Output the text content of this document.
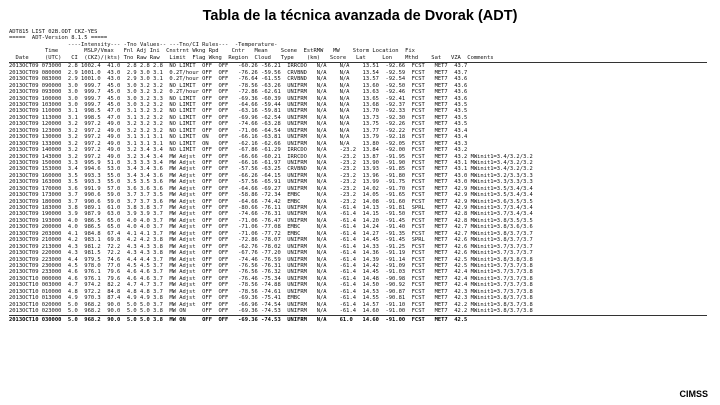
Tabla de la técnica avanzada de Dvorak (ADT)
ADT815 LIST 02B.ODT CKZ-YES
=====  ADT-Version 8.1.5 =====
----Intensity--- -Tno Values-- ---Tno/CI Rules---  -Temperature-
Time        MSLP/Vmax   Fnl Adj Ini  Cnstrnt Wkng Rpd    Cntr   Mean    Scene  EstRMW   MW    Storm Location  Fix
Date     (UTC)   CI  (CKZ)/(kts) Tno Raw Raw   Limit  Flag Wkng  Region  Cloud   Type    (km)   Score   Lat     Lon    Mthd    Sat   VZA  Comments
2013OCT09 073000  2.8 1002.4  41.0  2.8 2.8 2.8  NO LIMIT  OFF  OFF   -60.26 -56.21  IRRCDO   N/A    N/A    13.51  -92.66  FCST   MET7  43.7
2013OCT09 080000  2.9 1001.0  43.0  2.9 3.0 3.1  0.2T/hour OFF  OFF   -76.26 -59.56  CRVBND   N/A    N/A    13.54  -92.59  FCST   MET7  43.7
2013OCT09 083000  2.9 1001.0  43.0  2.9 3.0 3.1  0.2T/hour OFF  OFF   -76.64 -61.55  CRVBND   N/A    N/A    13.57  -92.54  FCST   MET7  43.6
2013OCT09 090000  3.0  999.7  45.0  3.0 3.2 3.2  NO LIMIT  OFF  OFF   -78.56 -63.26  UNIFRM   N/A    N/A    13.60  -92.50  FCST   MET7  43.6
2013OCT09 093000  3.0  999.7  45.0  3.0 3.2 3.2  0.2T/hour OFF  OFF   -72.86 -62.61  UNIFRM   N/A    N/A    13.63  -92.46  FCST   MET7  43.6
2013OCT09 100000  3.0  999.7  45.0  3.0 3.2 3.3  NO LIMIT  OFF  OFF   -69.36 -60.39  UNIFRM   N/A    N/A    13.65  -92.41  FCST   MET7  43.6
2013OCT09 103000  3.0  999.7  45.0  3.0 3.2 3.2  NO LIMIT  OFF  OFF   -64.66 -59.44  UNIFRM   N/A    N/A    13.68  -92.37  FCST   MET7  43.5
2013OCT09 110000  3.1  998.5  47.0  3.1 3.2 3.2  NO LIMIT  OFF  OFF   -63.16 -59.81  UNIFRM   N/A    N/A    13.70  -92.33  FCST   MET7  43.5
2013OCT09 113000  3.1  998.5  47.0  3.1 3.2 3.2  NO LIMIT  OFF  OFF   -69.96 -62.54  UNIFRM   N/A    N/A    13.73  -92.30  FCST   MET7  43.5
2013OCT09 120000  3.2  997.2  49.0  3.2 3.2 3.2  NO LIMIT  OFF  OFF   -74.66 -63.28  UNIFRM   N/A    N/A    13.75  -92.26  FCST   MET7  43.5
2013OCT09 123000  3.2  997.2  49.0  3.2 3.2 3.2  NO LIMIT  OFF  OFF   -71.06 -64.54  UNIFRM   N/A    N/A    13.77  -92.22  FCST   MET7  43.4
2013OCT09 130000  3.2  997.2  49.0  3.1 3.1 3.1  NO LIMIT  ON   OFF   -66.16 -63.81  UNIFRM   N/A    N/A    13.79  -92.18  FCST   MET7  43.4
2013OCT09 133000  3.2  997.2  49.0  3.1 3.1 3.1  NO LIMIT  ON   OFF   -62.16 -62.66  UNIFRM   N/A    N/A    13.80  -92.05  FCST   MET7  43.3
2013OCT09 140000  3.2  997.2  49.0  3.2 3.4 3.4  NO LIMIT  OFF  OFF   -67.86 -61.29  IRRCDO   N/A    -23.2  13.84  -92.00  FCST   MET7  43.2
2013OCT09 143000  3.2  997.2  49.0  3.2 3.4 3.4  MW Adjst  OFF  OFF   -66.66 -60.21  IRRCDO   N/A    -23.2  13.87  -91.95  FCST   MET7  43.2 MWinit1=3.4/3.2/3.2
2013OCT09 150000  3.3  995.9  51.0  3.3 3.3 3.4  MW Adjst  OFF  OFF   -66.16 -61.97  UNIFRM   N/A    -23.2  13.90  -91.90  FCST   MET7  43.1 MWinit1=3.4/3.2/3.2
2013OCT09 153000  3.4  994.6  53.0  3.4 3.4 3.6  MW Adjst  OFF  OFF   -57.56 -63.25  CRVBND   N/A    -23.2  13.93  -91.85  FCST   MET7  43.1 MWinit1=3.4/3.2/3.2
2013OCT09 160000  3.5  993.3  55.0  3.4 3.4 3.6  MW Adjst  OFF  OFF   -66.26 -64.15  UNIFRM   N/A    -23.2  13.96  -91.80  FCST   MET7  43.0 MWinit1=3.2/3.3/3.3
2013OCT09 163000  3.5  993.3  55.0  3.5 3.5 3.6  MW Adjst  OFF  OFF   -57.56 -65.91  UNIFRM   N/A    -23.2  13.99  -91.75  FCST   MET7  43.0 MWinit1=3.3/3.3/3.3
2013OCT09 170000  3.6  991.9  57.0  3.6 3.6 3.6  MW Adjst  OFF  OFF   -64.66 -69.27  UNIFRM   N/A    -23.2  14.02  -91.70  FCST   MET7  42.9 MWinit1=3.5/3.4/3.4
2013OCT09 173000  3.7  990.6  59.0  3.7 3.7 3.5  MW Adjst  OFF  OFF   -58.86 -72.34  EMBC     N/A    -23.2  14.05  -91.65  FCST   MET7  42.9 MWinit1=3.5/3.4/3.4
2013OCT09 180000  3.7  990.6  59.0  3.7 3.7 3.6  MW Adjst  OFF  OFF   -64.66 -74.42  EMBC     N/A    -23.2  14.08  -91.60  FCST   MET7  42.9 MWinit1=3.6/3.5/3.5
2013OCT09 183000  3.8  989.1  61.0  3.8 3.8 3.7  MW Adjst  OFF  OFF   -80.66 -76.11  UNIFRM   N/A    -61.4  14.13  -91.81  SPRL   MET7  42.9 MWinit1=3.7/3.4/3.4
2013OCT09 190000  3.9  987.9  63.0  3.9 3.9 3.7  MW Adjst  OFF  OFF   -74.66 -76.31  UNIFRM   N/A    -61.4  14.15  -91.50  FCST   MET7  42.8 MWinit1=3.7/3.4/3.4
2013OCT09 193000  4.0  986.5  65.0  4.0 4.0 3.7  MW Adjst  OFF  OFF   -71.06 -76.47  UNIFRM   N/A    -61.4  14.20  -91.45  FCST   MET7  42.8 MWinit1=3.8/3.5/3.5
2013OCT09 200000  4.0  986.5  65.0  4.0 4.0 3.7  MW Adjst  OFF  OFF   -71.06 -77.08  EMBC     N/A    -61.4  14.24  -91.40  FCST   MET7  42.7 MWinit1=3.8/3.6/3.6
2013OCT09 203000  4.1  984.8  67.4  4.1 4.1 3.7  MW Adjst  OFF  OFF   -71.06 -77.72  EMBC     N/A    -61.4  14.27  -91.35  FCST   MET7  42.7 MWinit1=3.8/3.7/3.7
2013OCT09 210000  4.2  983.1  69.8  4.2 4.2 3.8  MW Adjst  OFF  OFF   -72.86 -78.07  UNIFRM   N/A    -61.4  14.45  -91.45  SPRL   MET7  42.6 MWinit1=3.8/3.7/3.7
2013OCT09 213000  4.3  981.2  72.2  4.3 4.3 3.8  MW Adjst  OFF  OFF   -62.76 -78.02  UNIFRM   N/A    -61.4  14.33  -91.25  FCST   MET7  42.6 MWinit1=3.7/3.7/3.7
2013OCT09 220000  4.3  981.5  72.2  4.3 4.3 3.8  MW Adjst  OFF  OFF   -67.76 -77.20  UNIFRM   N/A    -61.4  14.36  -91.19  FCST   MET7  42.6 MWinit1=3.7/3.7/3.7
2013OCT09 223000  4.4  979.5  74.6  4.4 4.4 3.7  MW Adjst  OFF  OFF   -74.46 -76.59  UNIFRM   N/A    -61.4  14.39  -91.14  FCST   MET7  42.5 MWinit1=3.8/3.8/3.8
2013OCT09 230000  4.5  978.0  77.0  4.5 4.5 3.7  MW Adjst  OFF  OFF   -76.56 -76.31  UNIFRM   N/A    -61.4  14.42  -91.09  FCST   MET7  42.5 MWinit1=3.7/3.7/3.8
2013OCT09 233000  4.6  976.1  79.6  4.6 4.6 3.7  MW Adjst  OFF  OFF   -76.56 -76.32  UNIFRM   N/A    -61.4  14.45  -91.03  FCST   MET7  42.4 MWinit1=3.7/3.7/3.8
2013OCT10 000000  4.6  976.1  79.6  4.6 4.6 3.7  MW Adjst  OFF  OFF   -76.46 -75.34  UNIFRM   N/A    -61.4  14.48  -90.98  FCST   MET7  42.4 MWinit1=3.7/3.7/3.8
2013OCT10 003000  4.7  974.2  82.2  4.7 4.7 3.7  MW Adjst  OFF  OFF   -78.56 -74.88  UNIFRM   N/A    -61.4  14.50  -90.92  FCST   MET7  42.4 MWinit1=3.7/3.7/3.8
2013OCT10 010000  4.8  972.2  84.8  4.8 4.8 3.7  MW Adjst  OFF  OFF   -78.56 -74.61  UNIFRM   N/A    -61.4  14.53  -90.87  FCST   MET7  42.3 MWinit1=3.7/3.7/3.8
2013OCT10 013000  4.9  970.3  87.4  4.9 4.9 3.8  MW Adjst  OFF  OFF   -69.36 -75.41  EMBC     N/A    -61.4  14.55  -90.81  FCST   MET7  42.3 MWinit1=3.8/3.7/3.8
2013OCT10 020000  5.0  968.2  90.0  5.0 5.0 3.7  MW Adjst  OFF  OFF   -66.96 -74.54  UNIFRM   N/A    -61.4  14.57  -91.10  FCST   MET7  42.2 MWinit1=3.8/3.7/3.8
2013OCT10 023000  5.0  968.2  90.0  5.0 5.0 3.8  MW ON     OFF  OFF   -69.36 -74.53  UNIFRM   N/A    -61.4  14.60  -91.00  FCST   MET7  42.2 MWinit1=3.8/3.7/3.8
2013OCT10 030000  5.0  968.2  90.0  5.0 5.0 3.8  MW ON     OFF  OFF   -69.36 -74.53  UNIFRM   N/A    61.0   14.60  -91.00  FCST   MET7  42.5
CIMSS
